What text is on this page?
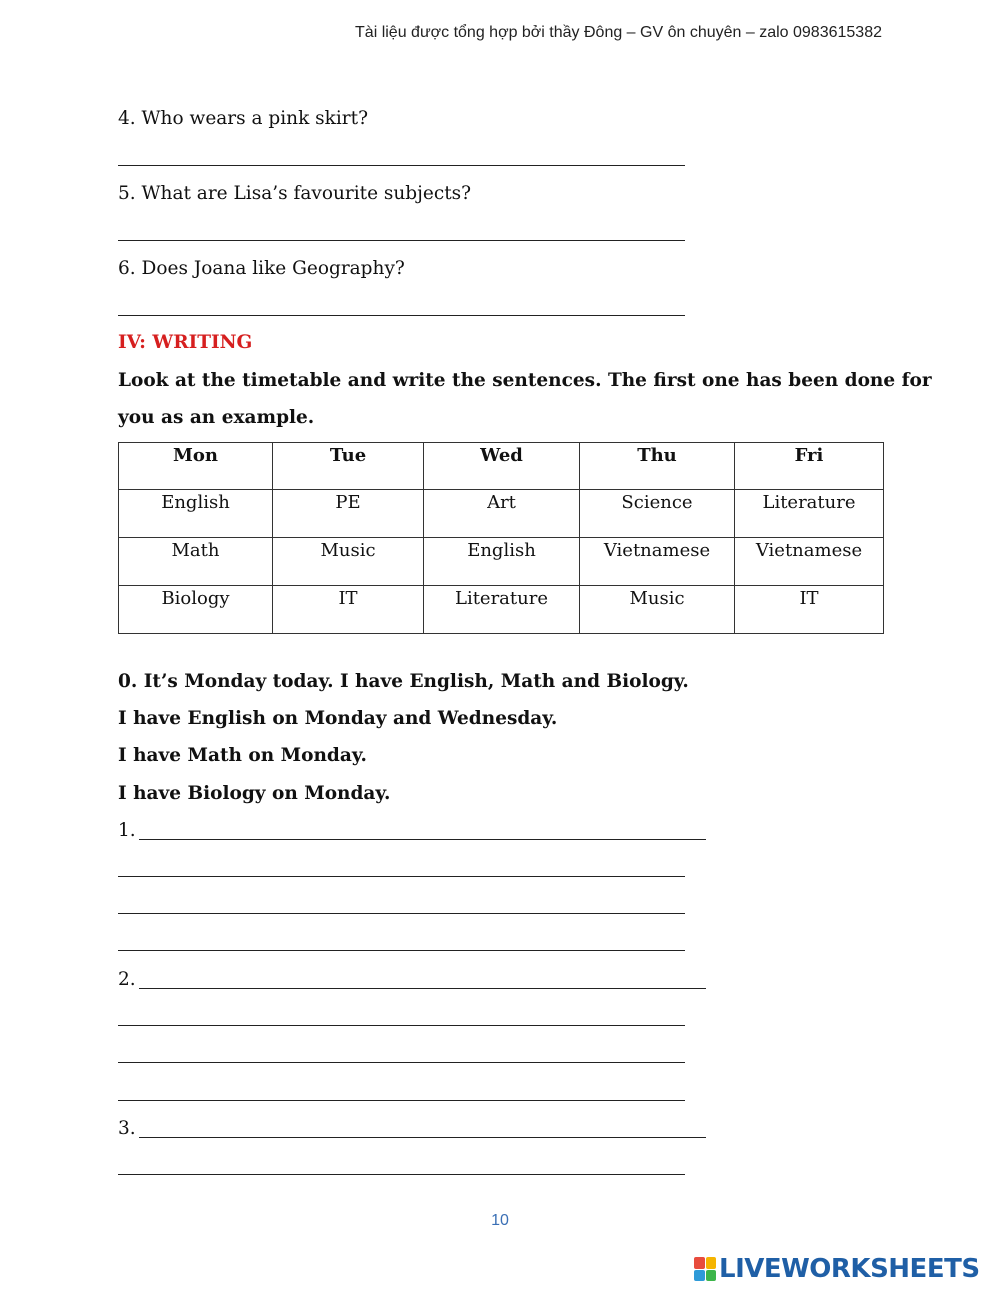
Tài liệu được tổng hợp bởi thầy Đông – GV ôn chuyên – zalo 0983615382
4. Who wears a pink skirt?
5. What are Lisa’s favourite subjects?
6. Does Joana like Geography?
IV: WRITING
Look at the timetable and write the sentences. The first one has been done for
you as an example.
Mon	Tue	Wed	Thu	Fri
English	PE	Art	Science	Literature
Math	Music	English	Vietnamese	Vietnamese
Biology	IT	Literature	Music	IT
0. It’s Monday today. I have English, Math and Biology.
I have English on Monday and Wednesday.
I have Math on Monday.
I have Biology on Monday.
1.
2.
3.
10
LIVEWORKSHEETS
